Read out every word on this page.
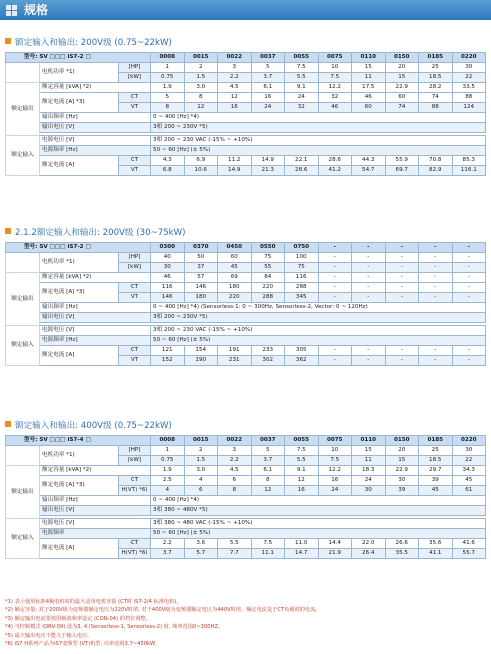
规格
额定输入和输出: 200V级 (0.75~22kW)
型号: SV □□□ iS7-2 □			0008	0015	0022	0037	0055	0075	0110	0150	0185	0220
	电机功率 *1)	[HP]	1	2	3	5	7.5	10	15	20	25	30
		[kW]	0.75	1.5	2.2	3.7	5.5	7.5	11	15	18.5	22
额定输出	额定容量 [kVA] *2)		1.9	3.0	4.5	6.1	9.1	12.2	17.5	22.9	28.2	33.5
	额定电流 [A] *3)	CT	5	8	12	16	24	32	46	60	74	88
		VT	8	12	16	24	32	46	60	74	88	124
	输出频率 [Hz]		0 ~ 400 [Hz] *4)									
	输出电压 [V]		3相 200 ~ 230V *5)									

额定输入	电源电压 [V]		3相 200 ~ 230 VAC (-15% ~ +10%)									
	电源频率 [Hz]		50 ~ 60 [Hz] (± 5%)									
	额定电流 [A]	CT	4.3	6.9	11.2	14.9	22.1	28.6	44.3	55.9	70.8	85.3
		VT	6.8	10.6	14.9	21.3	28.6	41.2	54.7	69.7	82.9	116.1
2.1.2额定输入和输出: 200V级 (30~75kW)
型号: SV □□□ iS7-2 □			0300	0370	0450	0550	0750	-	-	-	-	-
	电机功率 *1)	[HP]	40	50	60	75	100	-	-	-	-	-
		[kW]	30	37	45	55	75	-	-	-	-	-
额定输出	额定容量 [kVA] *2)		46	57	69	84	116	-	-	-	-	-
	额定电流 [A] *3)	CT	116	146	180	220	288	-	-	-	-	-
		VT	146	180	220	288	345	-	-	-	-	-
	输出频率 [Hz]		0 ~ 400 [Hz] *4) (Sensorless-1: 0 ~ 300Hz, Sensorless-2, Vector: 0 ~ 120Hz)									
	输出电压 [V]		3相 200 ~ 230V *5)									

额定输入	电源电压 [V]		3相 200 ~ 230 VAC (-15% ~ +10%)									
	电源频率 [Hz]		50 ~ 60 [Hz] (± 5%)									
	额定电流 [A]	CT	121	154	191	233	305	-	-	-	-	-
		VT	152	190	231	302	362	-	-	-	-	-
额定输入和输出: 400V级 (0.75~22kW)
型号: SV □□□ iS7-4 □			0008	0015	0022	0037	0055	0075	0110	0150	0185	0220
	电机功率 *1)	[HP]	1	2	3	5	7.5	10	15	20	25	30
		[kW]	0.75	1.5	2.2	3.7	5.5	7.5	11	15	18.5	22
额定输出	额定容量 [kVA] *2)		1.9	3.0	4.5	6.1	9.1	12.2	18.3	22.9	29.7	34.3
	额定电流 [A] *3)	CT	2.5	4	6	8	12	16	24	30	39	45
		H(VT) *6)	4	6	8	12	16	24	30	39	45	61
	输出频率 [Hz]		0 ~ 400 [Hz] *4)									
	输出电压 [V]		3相 380 ~ 480V *5)									

额定输入	电源电压 [V]		3相 380 ~ 480 VAC (-15% ~ +10%)									
	电源频率		50 ~ 60 [Hz] (± 5%)									
	额定电流 [A]	CT	2.2	3.6	5.5	7.5	11.0	14.4	22.0	26.6	35.6	41.6
		H(VT) *6)	3.7	5.7	7.7	11.1	14.7	21.9	26.4	35.5	41.1	55.7
*1) 表示使用标准4极电机时的最大适用电机容量 (CT时 iS7-2/4 标准电机)。
*2) 额定容量: 对于200V级为变频器额定电压为220V时值, 对于400V级为变频器额定电压为440V时值。额定电流是于CT负载时的电流。
*3) 额定输出电流要按照载波频率设定 (CON-04) 的档位调整。
*4) 当控制模式 (DRV-09) 设为3, 4 (Sensorless-1, Sensorless-2) 时, 频率范围0~300HZ。
*5) 最大输出电压不能大于输入电压。
*6) iS7 H系列产品为iS7变频型 (VT)机型, 功率范围3.7~450kW。
